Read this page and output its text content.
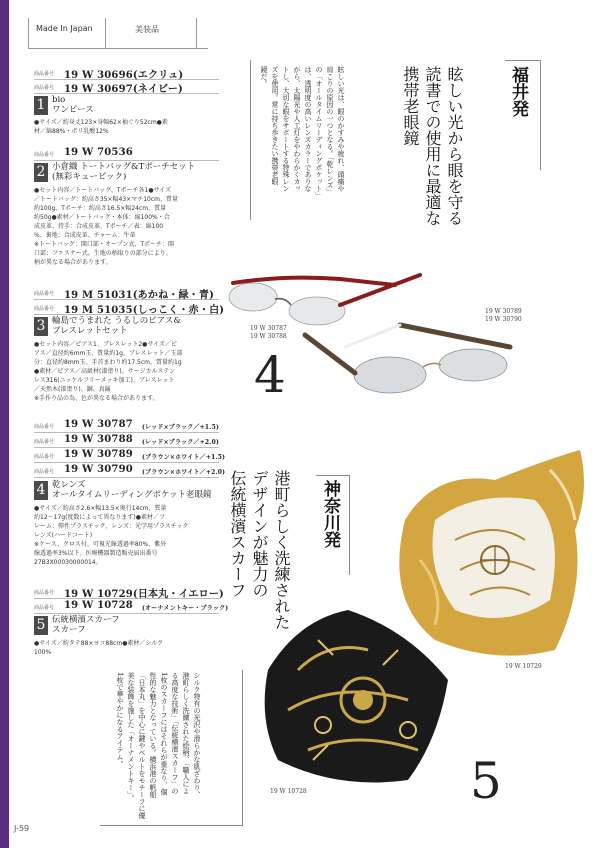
Made In Japan	美装品
商品番号 19 W 30696(エクリュ)
商品番号 19 W 30697(ネイビー)
1 bio
ワンピース
●サイズ／約身丈123×身幅62×袖ぐり52cm●素
材／綿88%・ポリ乳酸12%
商品番号 19 W 70536
2 小倉織 トートバッグ&Tポーチセット
(無彩キュービック)
●セット内容／トートバッグ、Tポーチ各1●サイズ
／トートバッグ：約高さ35×幅43×マチ10cm、質量
約100g、Tポーチ：約高さ16.5×幅24cm、質量
約50g●素材／トートバッグ・本体：綿100%・合
成皮革、持手：合成皮革、Tポーチ／表：綿100
%、裏地：合成皮革、チャーム：牛革
※トートバッグ：開口部・オープン式、Tポーチ：開
口部：ファスナー式。生地の柄取りの部分により、
柄が異なる場合があります。
商品番号 19 M 51031(あかね・緑・青)
商品番号 19 M 51035(しっこく・赤・白)
3 輪島でうまれた うるしのピアス&
ブレスレットセット
●セット内容／ピアス1、ブレスレット2●サイズ／ピ
アス／直径約6mm玉、質量約1g、ブレスレット／玉部
分：直径約8mm玉、手首まわり約17.5cm、質量約1g
●素材／ピアス／高級材(漆塗り)、サージカルステン
レス316(ニッケルフリーメッキ加工)、ブレスレット
／天然木(漆塗り)、銅、真鍮
※手作り品の為、色が異なる場合があります。
商品番号 19 W 30787 (レッド×ブラック／+1.5)
商品番号 19 W 30788 (レッド×ブラック／+2.0)
商品番号 19 W 30789 (ブラウン×ホワイト／+1.5)
商品番号 19 W 30790 (ブラウン×ホワイト／+2.0)
4 乾レンズ
オールタイムリーディングポケット老眼鏡
●サイズ／約高さ2.6×幅13.5×奥行14cm、質量
約12～17g(度数によって異なります)●素材／フ
レーム：弾性プラスチック、レンズ：光学用プラスチック
レンズ(ハードコート)
※ケース、クロス付。可視光線透過率80%、紫外
線透過率3%以下。医療機器製造販売届出番号
27B3X00030000014。
商品番号 19 W 10729(日本丸・イエロー)
商品番号 19 W 10728 (オーナメントキー・ブラック)
5 伝統横濱スカーフ
スカーフ
●サイズ／約タテ88×ヨコ88cm●素材／シルク
100%
福井発
眩しい光から眼を守る
読書での使用に最適な
携帯老眼鏡
眩しい光は、眼のかすみや疲れ、頭痛や
肩こりの原因の一つとなる。「乾レンズ」
の「オールタイムリーディングポケット」
は、透明度の高いレンズカラーでありな
がら、太陽光や人工灯をやわらかくカッ
トし、大切な眼をサポートする特殊レン
ズを使用。常に持ち歩きたい携帯老眼
鏡だ。
19 W 30787
19 W 30788
19 W 30789
19 W 30790
4
神奈川発
港町らしく洗練された
デザインが魅力の
伝統横濱スカーフ
19 W 10729
19 W 10728
シルク特有の光沢や滑らかな肌ざわり、
港町らしく洗練された絵柄、「職人によ
る高度な技術」「伝統横濱スカーフ」の
1枚のスカーフにはそれらが重なり、個
性的な魅力となっている。横浜港の帆船
「日本丸」を中心に鍵やベルトをモチーフに優
美な装飾を施した「オーナメントキー」。
1枚で華やかになるアイテム。
5
J-59
